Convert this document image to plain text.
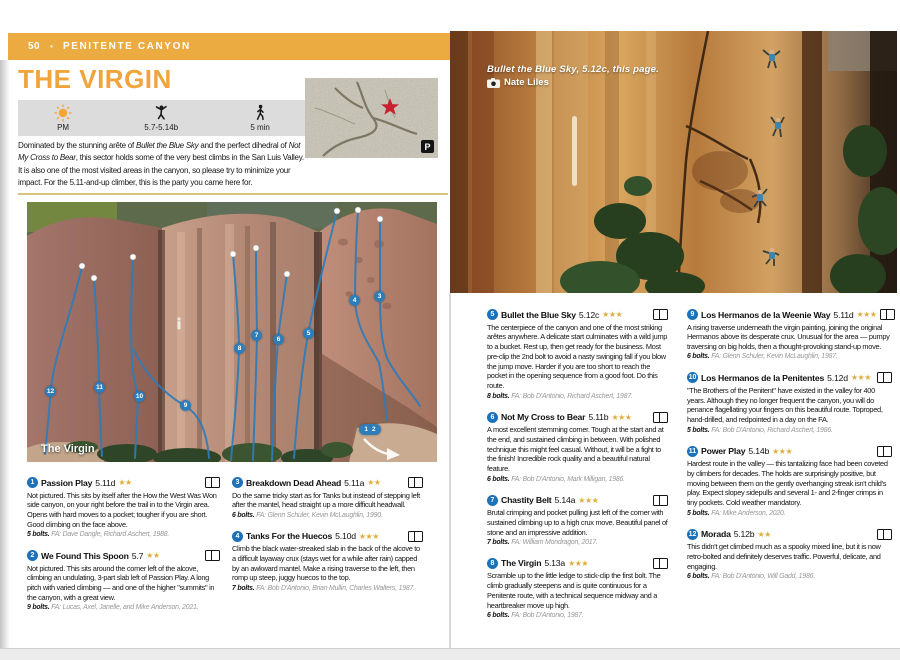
50 • PENITENTE CANYON
THE VIRGIN
PM	5.7-5.14b	5 min
P
Dominated by the stunning arête of Bullet the Blue Sky and the perfect dihedral of Not My Cross to Bear, this sector holds some of the very best climbs in the San Luis Valley. It is also one of the most visited areas in the canyon, so please try to minimize your impact. For the 5.11-and-up climber, this is the party you came here for.
1 2
3
4
5
6
7
8
9
10
11
12
The Virgin
Bullet the Blue Sky, 5.12c, this page.
Nate Liles
1 Passion Play 5.11d ★★
Not pictured. This sits by itself after the How the West Was Won side canyon, on your right before the trail in to the Virgin area. Opens with hard moves to a pocket; tougher if you are short. Good climbing on the face above.
5 bolts. FA: Dave Dangle, Richard Aschert, 1988.
2 We Found This Spoon 5.7 ★★
Not pictured. This sits around the corner left of the alcove, climbing an undulating, 3-part slab left of Passion Play. A long pitch with varied climbing — and one of the higher "summits" in the canyon, with a great view.
9 bolts. FA: Lucas, Axel, Janelle, and Mike Anderson, 2021.
3 Breakdown Dead Ahead 5.11a ★★
Do the same tricky start as for Tanks but instead of stepping left after the mantel, head straight up a more difficult headwall.
6 bolts. FA: Glenn Schuler, Kevin McLaughlin, 1990.
4 Tanks For the Huecos 5.10d ★★★
Climb the black water-streaked slab in the back of the alcove to a difficult layaway crux (stays wet for a while after rain) capped by an awkward mantel. Make a rising traverse to the left, then romp up steep, juggy huecos to the top.
7 bolts. FA: Bob D'Antonio, Brian Mullin, Charles Walters, 1987.
5 Bullet the Blue Sky 5.12c ★★★
The centerpiece of the canyon and one of the most striking arêtes anywhere. A delicate start culminates with a wild jump to a bucket. Rest up, then get ready for the business. Most pre-clip the 2nd bolt to avoid a nasty swinging fall if you blow the jump move. Harder if you are too short to reach the pocket in the opening sequence from a good foot. Do this route.
8 bolts. FA: Bob D'Antonio, Richard Aschert, 1987.
6 Not My Cross to Bear 5.11b ★★★
A most excellent stemming corner. Tough at the start and at the end, and sustained climbing in between. With polished technique this might feel casual. Without, it will be a fight to the finish! Incredible rock quality and a beautiful natural feature.
6 bolts. FA: Bob D'Antonio, Mark Milligan, 1986.
7 Chastity Belt 5.14a ★★★
Brutal crimping and pocket pulling just left of the corner with sustained climbing up to a high crux move. Beautiful panel of stone and an impressive addition.
7 bolts. FA: William Mondragon, 2017.
8 The Virgin 5.13a ★★★
Scramble up to the little ledge to stick-clip the first bolt. The climb gradually steepens and is quite continuous for a Penitente route, with a technical sequence midway and a heartbreaker move up high.
6 bolts. FA: Bob D'Antonio, 1987.
9 Los Hermanos de la Weenie Way 5.11d ★★★
A rising traverse underneath the virgin painting, joining the original Hermanos above its desperate crux. Unusual for the area — pumpy traversing on big holds, then a thought-provoking stand-up move.
6 bolts. FA: Glenn Schuler, Kevin McLaughlin, 1987.
10 Los Hermanos de la Penitentes 5.12d ★★★
"The Brothers of the Penitent" have existed in the valley for 400 years. Although they no longer frequent the canyon, you will do penance flagellating your fingers on this beautiful route. Toproped, hand-drilled, and redpointed in a day on the FA.
5 bolts. FA: Bob D'Antonio, Richard Aschert, 1986.
11 Power Play 5.14b ★★★
Hardest route in the valley — this tantalizing face had been coveted by climbers for decades. The holds are surprisingly positive, but moving between them on the gently overhanging streak isn't child's play. Expect slopey sidepulls and several 1- and 2-finger crimps in tiny pockets. Cold weather mandatory.
5 bolts. FA: Mike Anderson, 2020.
12 Morada 5.12b ★★
This didn't get climbed much as a spooky mixed line, but it is now retro-bolted and definitely deserves traffic. Powerful, delicate, and engaging.
6 bolts. FA: Bob D'Antonio, Will Gadd, 1986.
